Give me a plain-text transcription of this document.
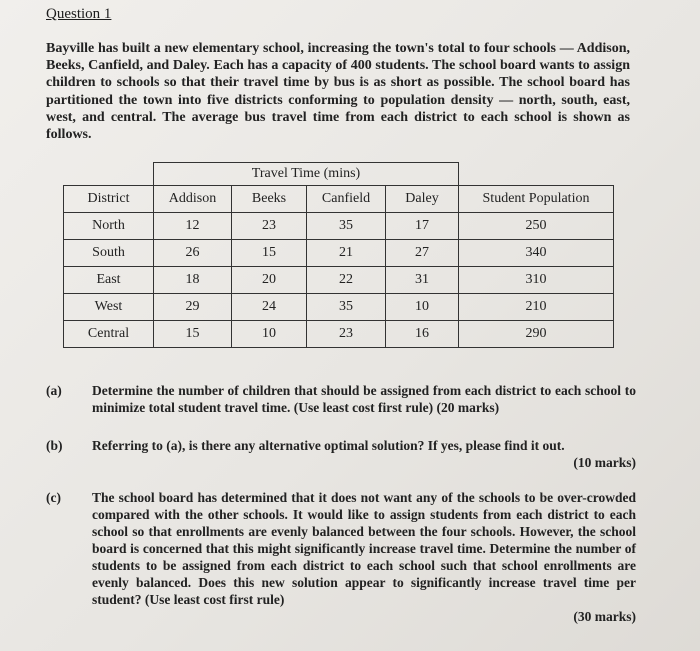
Question 1
Bayville has built a new elementary school, increasing the town's total to four schools — Addison, Beeks, Canfield, and Daley. Each has a capacity of 400 students. The school board wants to assign children to schools so that their travel time by bus is as short as possible. The school board has partitioned the town into five districts conforming to population density — north, south, east, west, and central. The average bus travel time from each district to each school is shown as follows.
	Travel Time (mins)				
District	Addison	Beeks	Canfield	Daley	Student Population
North	12	23	35	17	250
South	26	15	21	27	340
East	18	20	22	31	310
West	29	24	35	10	210
Central	15	10	23	16	290
(a) Determine the number of children that should be assigned from each district to each school to minimize total student travel time. (Use least cost first rule) (20 marks)
(b) Referring to (a), is there any alternative optimal solution? If yes, please find it out.
(10 marks)
(c) The school board has determined that it does not want any of the schools to be over-crowded compared with the other schools. It would like to assign students from each district to each school so that enrollments are evenly balanced between the four schools. However, the school board is concerned that this might significantly increase travel time. Determine the number of students to be assigned from each district to each school such that school enrollments are evenly balanced. Does this new solution appear to significantly increase travel time per student? (Use least cost first rule)
(30 marks)
